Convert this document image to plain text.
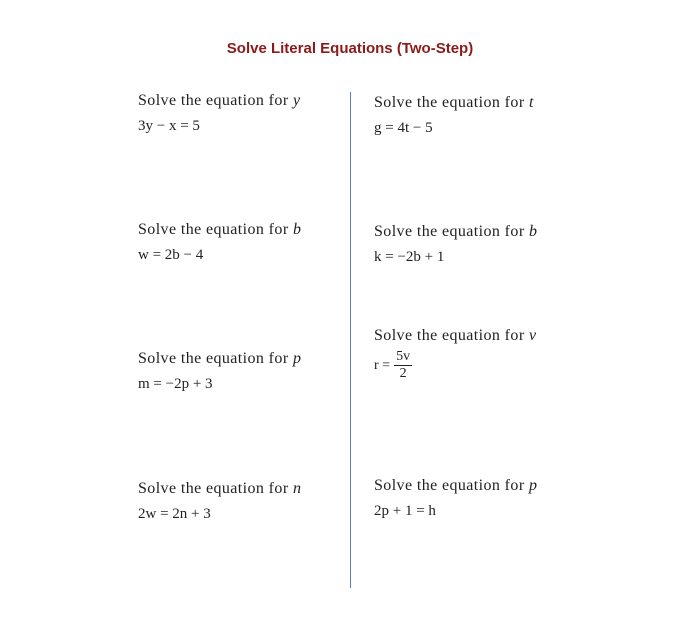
Solve Literal Equations (Two-Step)
Solve the equation for y
3y − x = 5
Solve the equation for b
w = 2b − 4
Solve the equation for p
m = −2p + 3
Solve the equation for n
2w = 2n + 3
Solve the equation for t
g = 4t − 5
Solve the equation for b
k = −2b + 1
Solve the equation for v
$r = \frac{5v}{2}$
Solve the equation for p
2p + 1 = h
